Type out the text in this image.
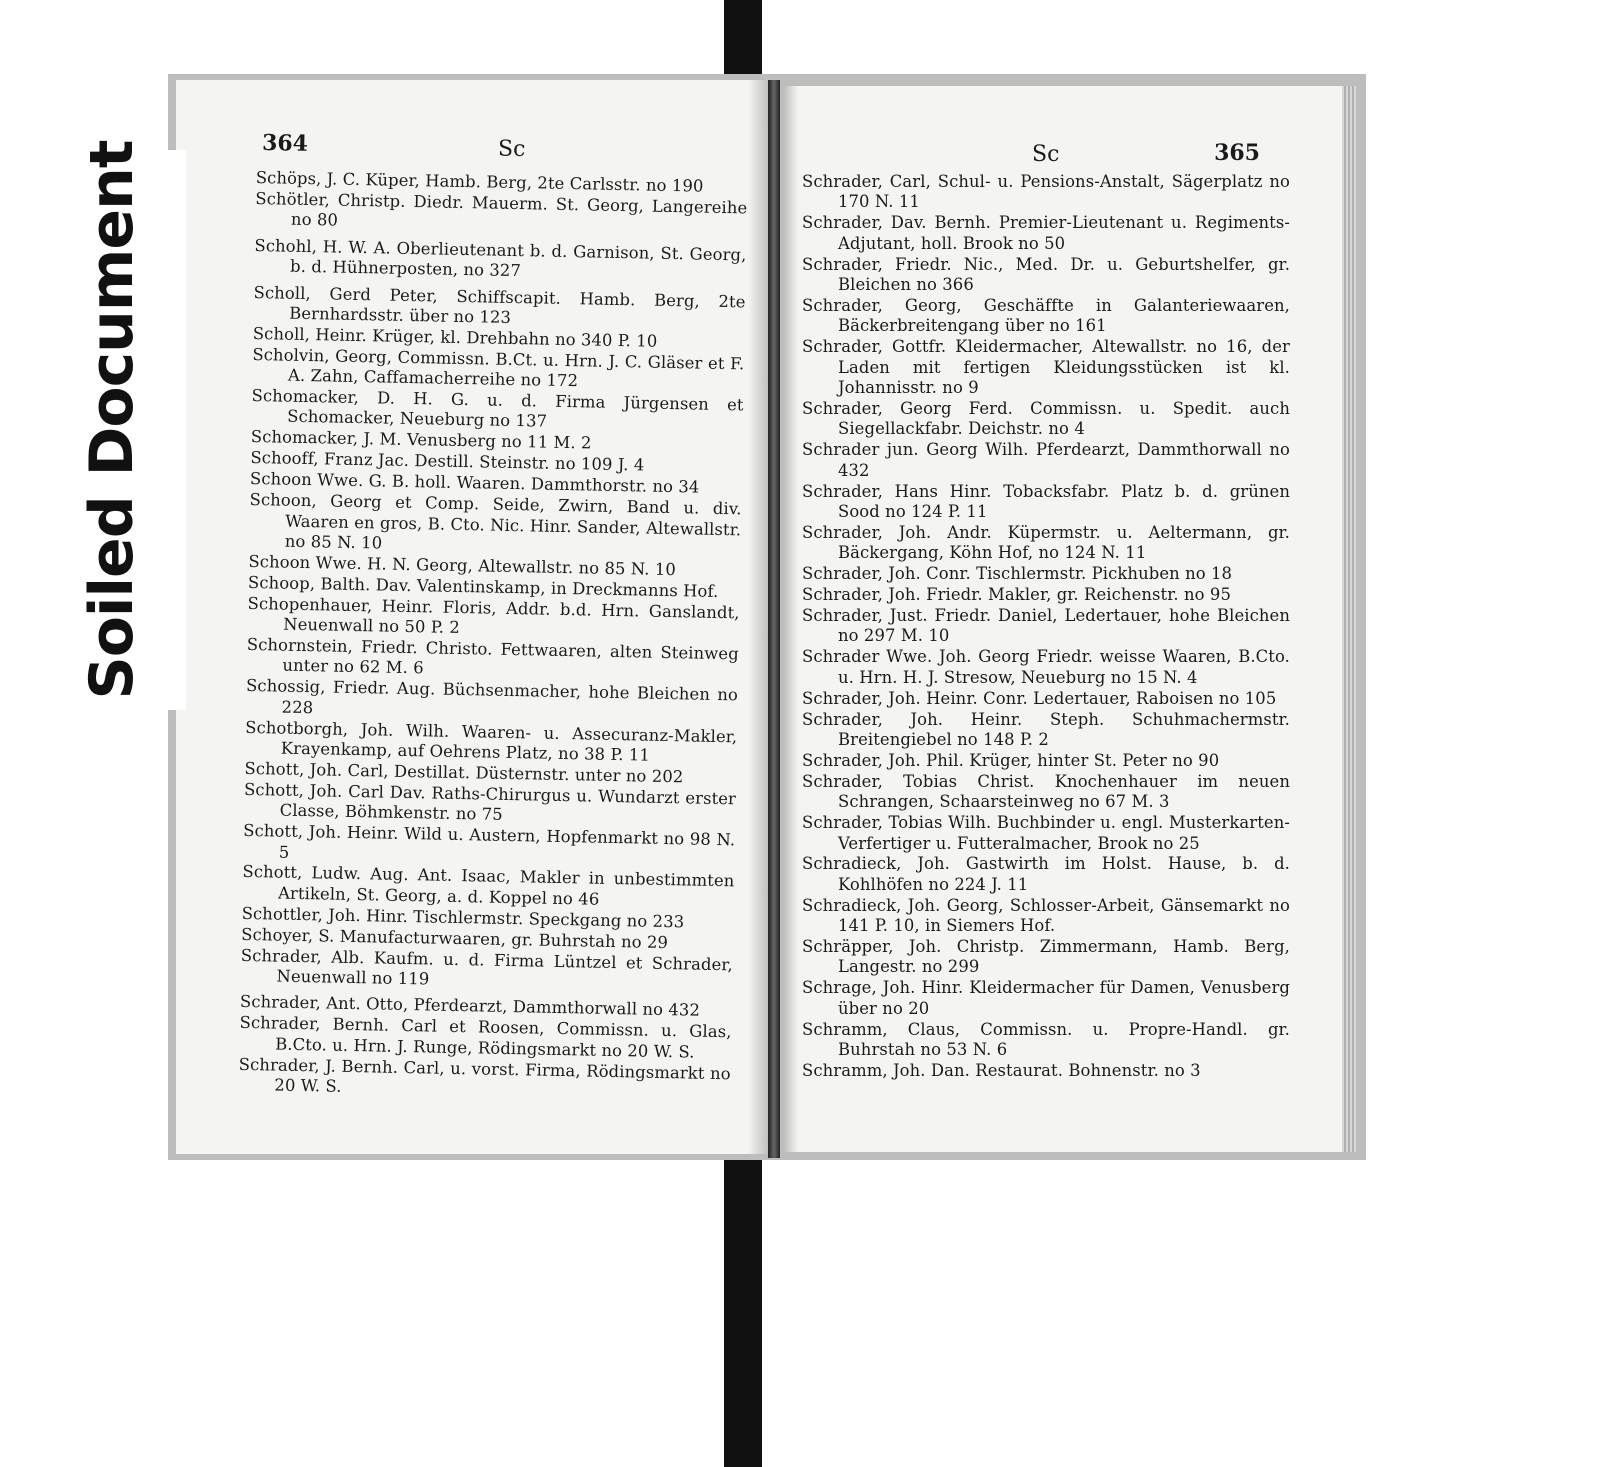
364	Sc
Schöps, J. C. Küper, Hamb. Berg, 2te Carlsstr. no 190
Schötler, Christp. Diedr. Mauerm. St. Georg, Langereihe no 80
Schohl, H. W. A. Oberlieutenant b. d. Garnison, St. Georg, b. d. Hühnerposten, no 327
Scholl, Gerd Peter, Schiffscapit. Hamb. Berg, 2te Bernhardsstr. über no 123
Scholl, Heinr. Krüger, kl. Drehbahn no 340 P. 10
Scholvin, Georg, Commissn. B.Ct. u. Hrn. J. C. Gläser et F. A. Zahn, Caffamacherreihe no 172
Schomacker, D. H. G. u. d. Firma Jürgensen et Schomacker, Neueburg no 137
Schomacker, J. M. Venusberg no 11 M. 2
Schooff, Franz Jac. Destill. Steinstr. no 109 J. 4
Schoon Wwe. G. B. holl. Waaren. Dammthorstr. no 34
Schoon, Georg et Comp. Seide, Zwirn, Band u. div. Waaren en gros, B. Cto. Nic. Hinr. Sander, Altewallstr. no 85 N. 10
Schoon Wwe. H. N. Georg, Altewallstr. no 85 N. 10
Schoop, Balth. Dav. Valentinskamp, in Dreckmanns Hof.
Schopenhauer, Heinr. Floris, Addr. b.d. Hrn. Ganslandt, Neuenwall no 50 P. 2
Schornstein, Friedr. Christo. Fettwaaren, alten Steinweg unter no 62 M. 6
Schossig, Friedr. Aug. Büchsenmacher, hohe Bleichen no 228
Schotborgh, Joh. Wilh. Waaren- u. Assecuranz-Makler, Krayenkamp, auf Oehrens Platz, no 38 P. 11
Schott, Joh. Carl, Destillat. Düsternstr. unter no 202
Schott, Joh. Carl Dav. Raths-Chirurgus u. Wundarzt erster Classe, Böhmkenstr. no 75
Schott, Joh. Heinr. Wild u. Austern, Hopfenmarkt no 98 N. 5
Schott, Ludw. Aug. Ant. Isaac, Makler in unbestimmten Artikeln, St. Georg, a. d. Koppel no 46
Schottler, Joh. Hinr. Tischlermstr. Speckgang no 233
Schoyer, S. Manufacturwaaren, gr. Buhrstah no 29
Schrader, Alb. Kaufm. u. d. Firma Lüntzel et Schrader, Neuenwall no 119
Schrader, Ant. Otto, Pferdearzt, Dammthorwall no 432
Schrader, Bernh. Carl et Roosen, Commissn. u. Glas, B.Cto. u. Hrn. J. Runge, Rödingsmarkt no 20 W. S.
Schrader, J. Bernh. Carl, u. vorst. Firma, Rödingsmarkt no 20 W. S.
Sc	365
Schrader, Carl, Schul- u. Pensions-Anstalt, Sägerplatz no 170 N. 11
Schrader, Dav. Bernh. Premier-Lieutenant u. Regiments-Adjutant, holl. Brook no 50
Schrader, Friedr. Nic., Med. Dr. u. Geburtshelfer, gr. Bleichen no 366
Schrader, Georg, Geschäffte in Galanteriewaaren, Bäckerbreitengang über no 161
Schrader, Gottfr. Kleidermacher, Altewallstr. no 16, der Laden mit fertigen Kleidungsstücken ist kl. Johannisstr. no 9
Schrader, Georg Ferd. Commissn. u. Spedit. auch Siegellackfabr. Deichstr. no 4
Schrader jun. Georg Wilh. Pferdearzt, Dammthorwall no 432
Schrader, Hans Hinr. Tobacksfabr. Platz b. d. grünen Sood no 124 P. 11
Schrader, Joh. Andr. Küpermstr. u. Aeltermann, gr. Bäckergang, Köhn Hof, no 124 N. 11
Schrader, Joh. Conr. Tischlermstr. Pickhuben no 18
Schrader, Joh. Friedr. Makler, gr. Reichenstr. no 95
Schrader, Just. Friedr. Daniel, Ledertauer, hohe Bleichen no 297 M. 10
Schrader Wwe. Joh. Georg Friedr. weisse Waaren, B.Cto. u. Hrn. H. J. Stresow, Neueburg no 15 N. 4
Schrader, Joh. Heinr. Conr. Ledertauer, Raboisen no 105
Schrader, Joh. Heinr. Steph. Schuhmachermstr. Breitengiebel no 148 P. 2
Schrader, Joh. Phil. Krüger, hinter St. Peter no 90
Schrader, Tobias Christ. Knochenhauer im neuen Schrangen, Schaarsteinweg no 67 M. 3
Schrader, Tobias Wilh. Buchbinder u. engl. Musterkarten-Verfertiger u. Futteralmacher, Brook no 25
Schradieck, Joh. Gastwirth im Holst. Hause, b. d. Kohlhöfen no 224 J. 11
Schradieck, Joh. Georg, Schlosser-Arbeit, Gänsemarkt no 141 P. 10, in Siemers Hof.
Schräpper, Joh. Christp. Zimmermann, Hamb. Berg, Langestr. no 299
Schrage, Joh. Hinr. Kleidermacher für Damen, Venusberg über no 20
Schramm, Claus, Commissn. u. Propre-Handl. gr. Buhrstah no 53 N. 6
Schramm, Joh. Dan. Restaurat. Bohnenstr. no 3
Soiled Document
